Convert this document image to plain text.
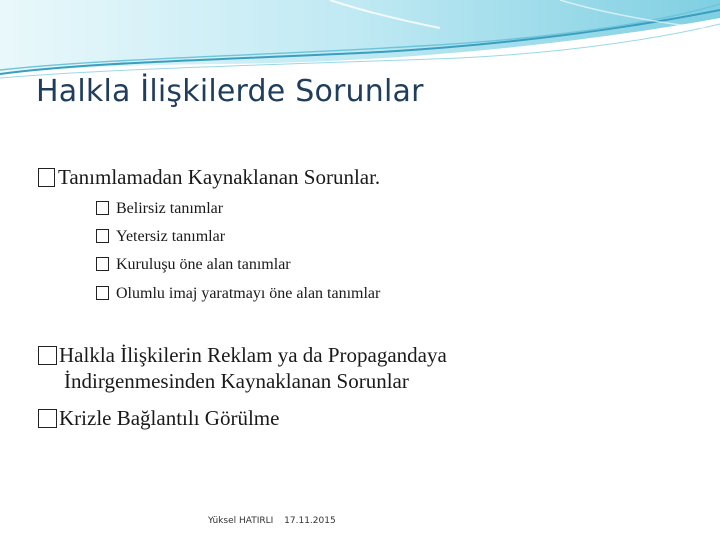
Halkla İlişkilerde Sorunlar
Tanımlamadan Kaynaklanan Sorunlar.
Belirsiz tanımlar
Yetersiz tanımlar
Kuruluşu öne alan tanımlar
Olumlu imaj yaratmayı öne alan tanımlar
Halkla İlişkilerin Reklam ya da Propagandaya
İndirgenmesinden Kaynaklanan Sorunlar
Krizle Bağlantılı Görülme
Yüksel HATIRLI 17.11.2015
